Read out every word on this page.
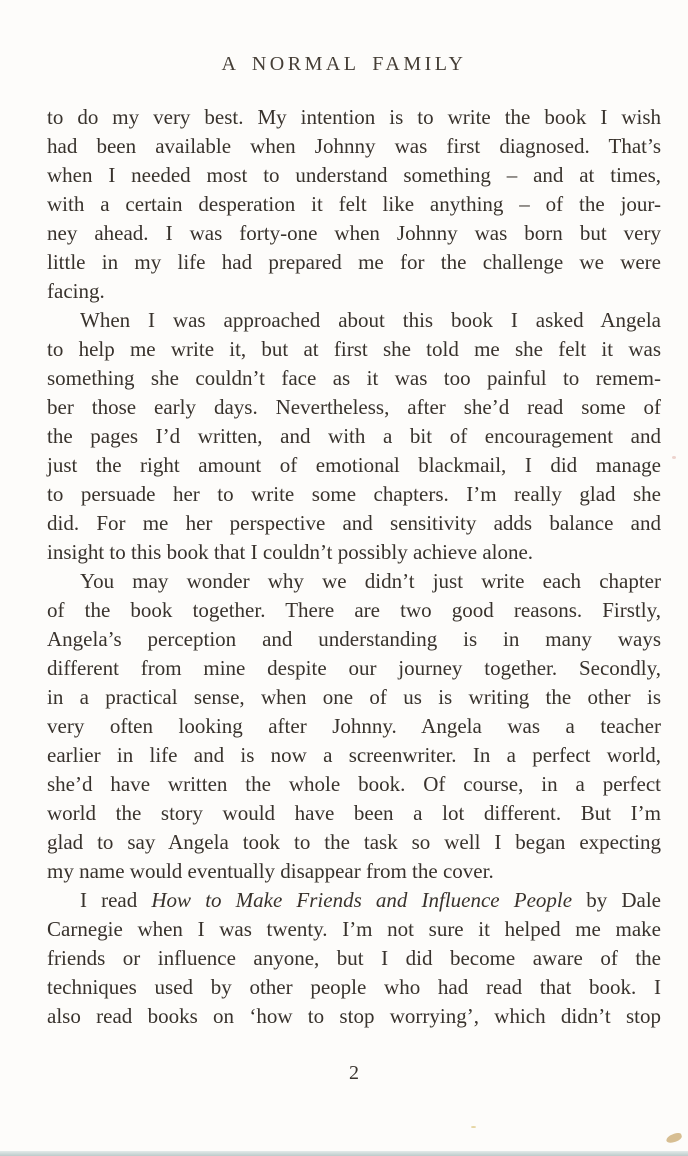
A NORMAL FAMILY
to do my very best. My intention is to write the book I wish
had been available when Johnny was first diagnosed. That’s
when I needed most to understand something – and at times,
with a certain desperation it felt like anything – of the jour-
ney ahead. I was forty-one when Johnny was born but very
little in my life had prepared me for the challenge we were
facing.
When I was approached about this book I asked Angela
to help me write it, but at first she told me she felt it was
something she couldn’t face as it was too painful to remem-
ber those early days. Nevertheless, after she’d read some of
the pages I’d written, and with a bit of encouragement and
just the right amount of emotional blackmail, I did manage
to persuade her to write some chapters. I’m really glad she
did. For me her perspective and sensitivity adds balance and
insight to this book that I couldn’t possibly achieve alone.
You may wonder why we didn’t just write each chapter
of the book together. There are two good reasons. Firstly,
Angela’s perception and understanding is in many ways
different from mine despite our journey together. Secondly,
in a practical sense, when one of us is writing the other is
very often looking after Johnny. Angela was a teacher
earlier in life and is now a screenwriter. In a perfect world,
she’d have written the whole book. Of course, in a perfect
world the story would have been a lot different. But I’m
glad to say Angela took to the task so well I began expecting
my name would eventually disappear from the cover.
I read How to Make Friends and Influence People by Dale
Carnegie when I was twenty. I’m not sure it helped me make
friends or influence anyone, but I did become aware of the
techniques used by other people who had read that book. I
also read books on ‘how to stop worrying’, which didn’t stop
2
